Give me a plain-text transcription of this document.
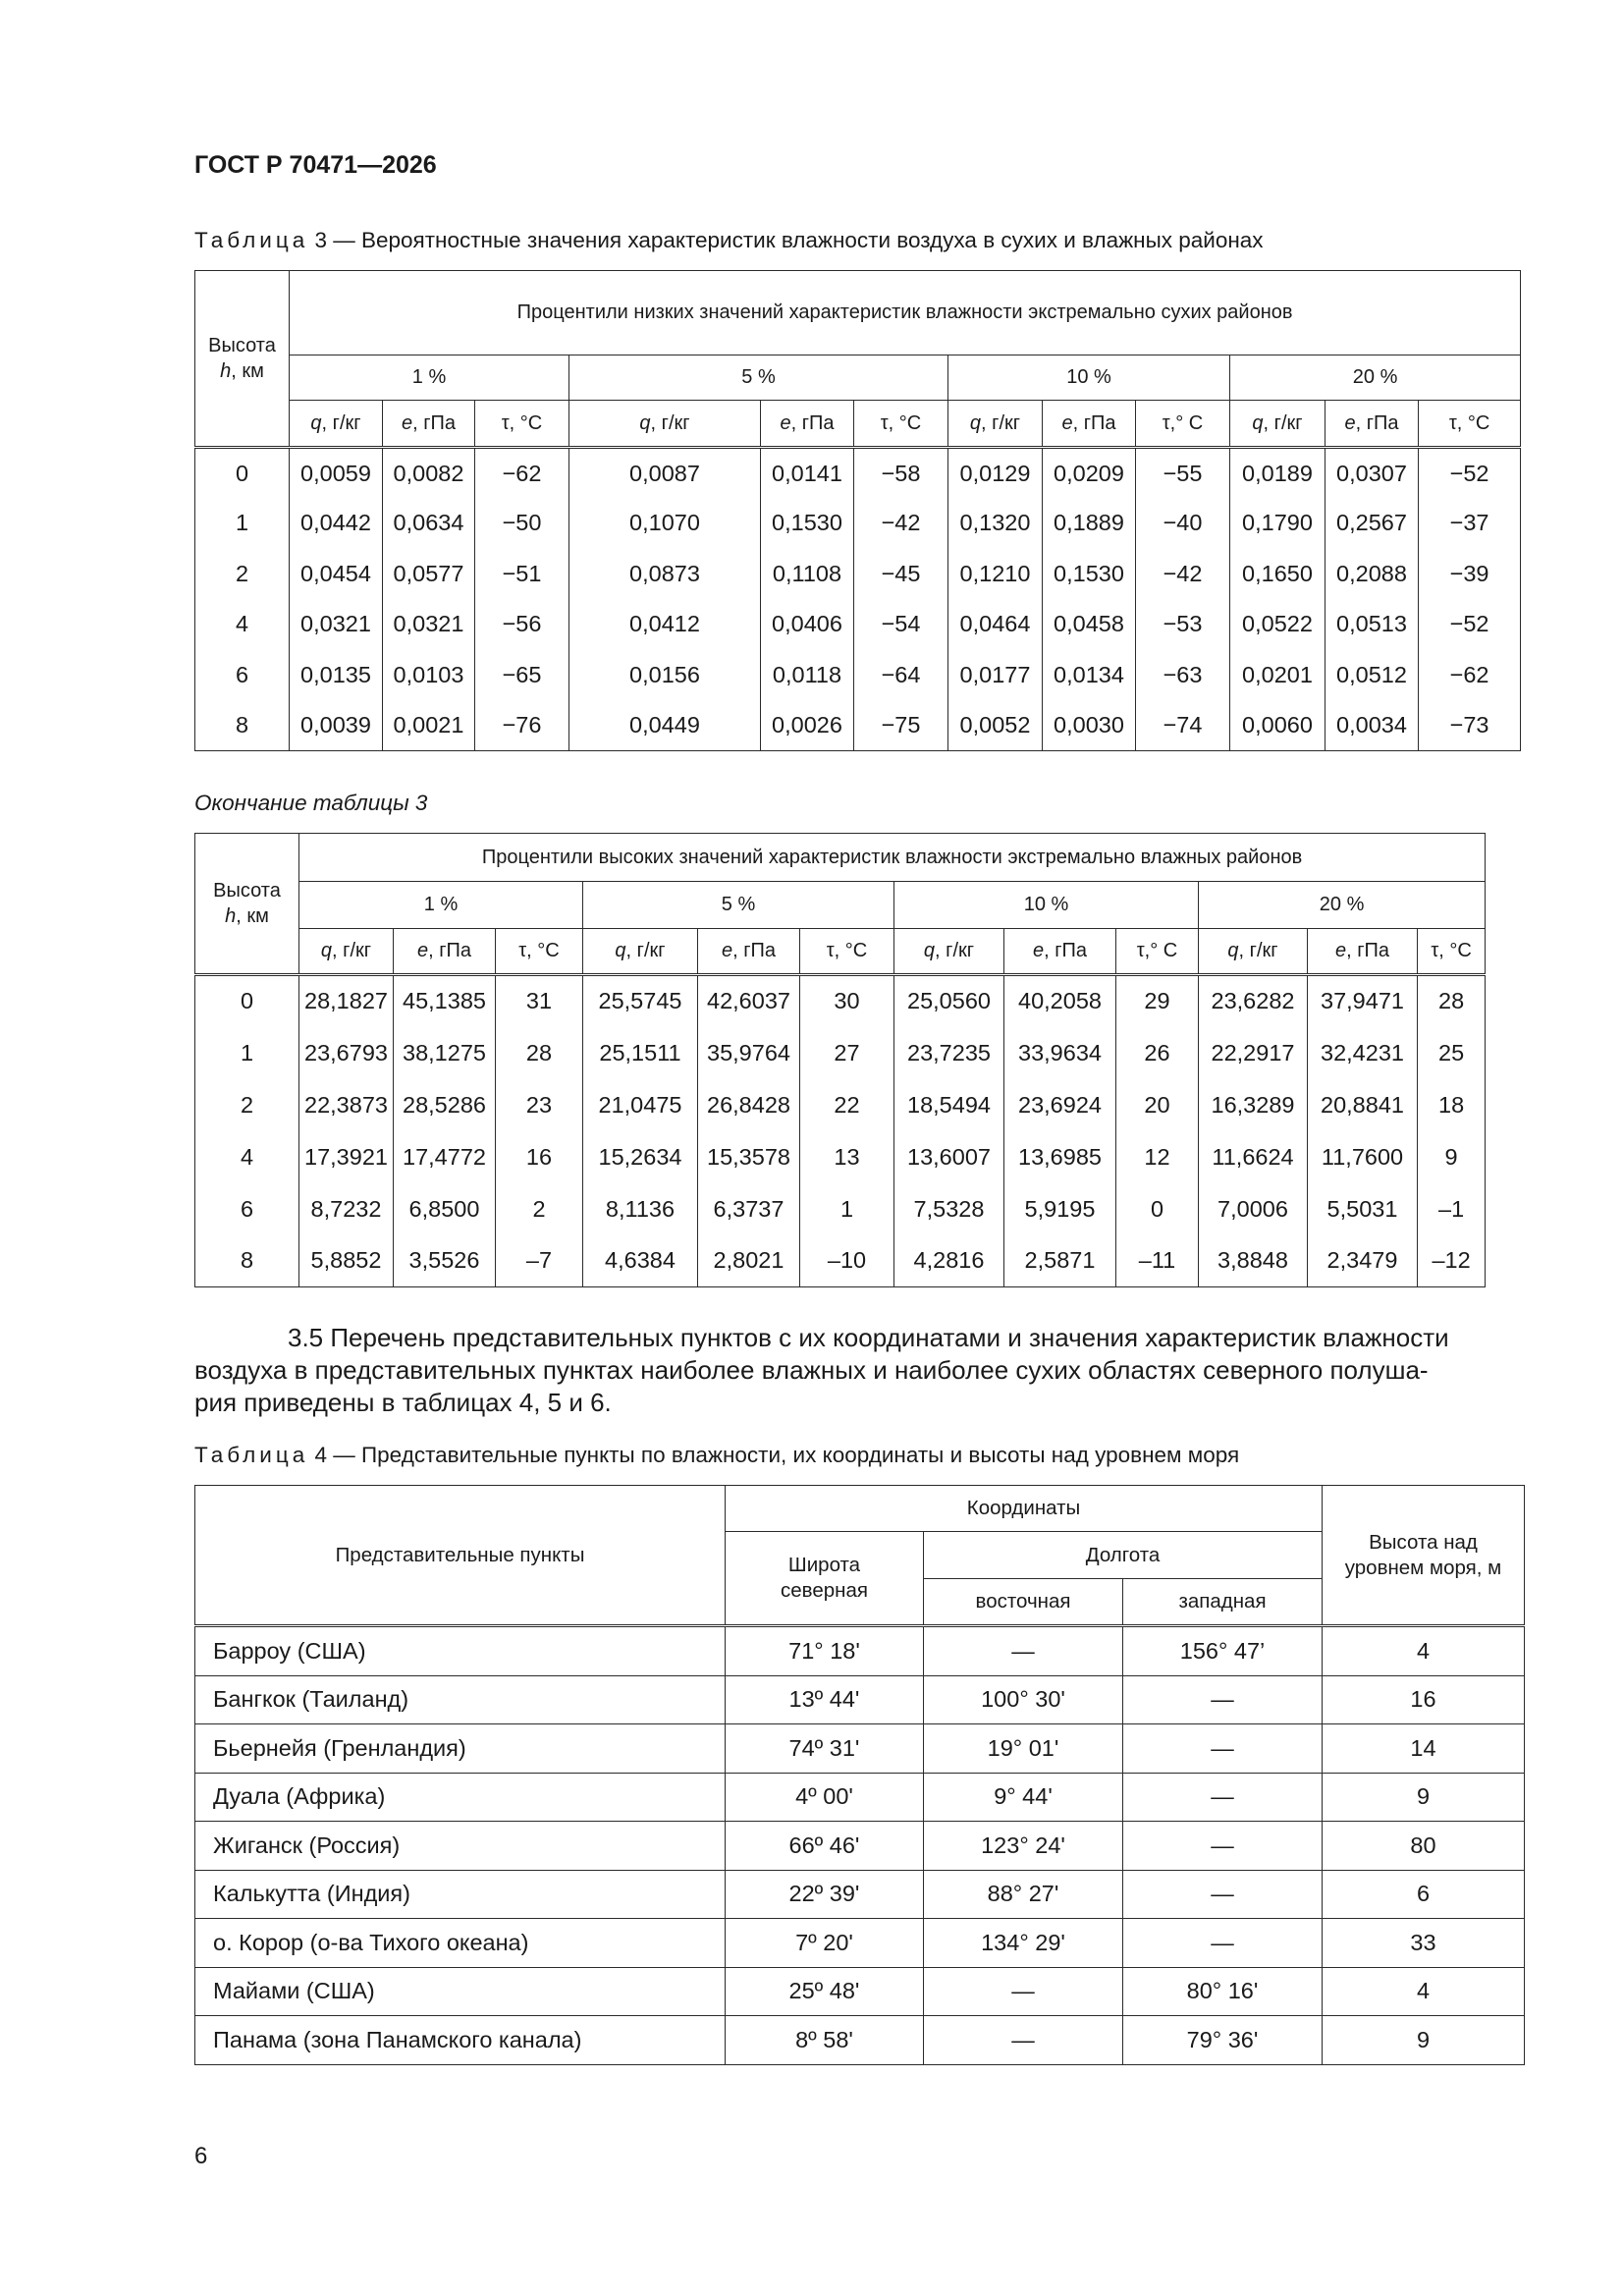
ГОСТ Р 70471—2026
Таблица 3 — Вероятностные значения характеристик влажности воздуха в сухих и влажных районах
Высота
h, км	Процентили низких значений характеристик влажности экстремально сухих районов											
	1 %			5 %			10 %			20 %		
	q, г/кг	e, гПа	τ, °C	q, г/кг	e, гПа	τ, °C	q, г/кг	e, гПа	τ,° С	q, г/кг	e, гПа	τ, °С
0	0,0059	0,0082	−62	0,0087	0,0141	−58	0,0129	0,0209	−55	0,0189	0,0307	−52
1	0,0442	0,0634	−50	0,1070	0,1530	−42	0,1320	0,1889	−40	0,1790	0,2567	−37
2	0,0454	0,0577	−51	0,0873	0,1108	−45	0,1210	0,1530	−42	0,1650	0,2088	−39
4	0,0321	0,0321	−56	0,0412	0,0406	−54	0,0464	0,0458	−53	0,0522	0,0513	−52
6	0,0135	0,0103	−65	0,0156	0,0118	−64	0,0177	0,0134	−63	0,0201	0,0512	−62
8	0,0039	0,0021	−76	0,0449	0,0026	−75	0,0052	0,0030	−74	0,0060	0,0034	−73
Окончание таблицы 3
Высота
h, км	Процентили высоких значений характеристик влажности экстремально влажных районов											
	1 %			5 %			10 %			20 %		
	q, г/кг	e, гПа	τ, °С	q, г/кг	e, гПа	τ, °С	q, г/кг	e, гПа	τ,° С	q, г/кг	e, гПа	τ, °С
0	28,1827	45,1385	31	25,5745	42,6037	30	25,0560	40,2058	29	23,6282	37,9471	28
1	23,6793	38,1275	28	25,1511	35,9764	27	23,7235	33,9634	26	22,2917	32,4231	25
2	22,3873	28,5286	23	21,0475	26,8428	22	18,5494	23,6924	20	16,3289	20,8841	18
4	17,3921	17,4772	16	15,2634	15,3578	13	13,6007	13,6985	12	11,6624	11,7600	9
6	8,7232	6,8500	2	8,1136	6,3737	1	7,5328	5,9195	0	7,0006	5,5031	–1
8	5,8852	3,5526	–7	4,6384	2,8021	–10	4,2816	2,5871	–11	3,8848	2,3479	–12
3.5 Перечень представительных пунктов с их координатами и значения характеристик влажности
воздуха в представительных пунктах наиболее влажных и наиболее сухих областях северного полуша-
рия приведены в таблицах 4, 5 и 6.
Таблица 4 — Представительные пункты по влажности, их координаты и высоты над уровнем моря
Представительные пункты	Координаты			Высота над уровнем моря, м
	Широта северная	Долгота		
		восточная	западная	
Барроу (США)	71° 18'	—	156° 47’	4
Бангкок (Таиланд)	13º 44'	100° 30'	—	16
Бьернейя (Гренландия)	74º 31'	19° 01'	—	14
Дуала (Африка)	4º 00'	9° 44'	—	9
Жиганск (Россия)	66º 46'	123° 24'	—	80
Калькутта (Индия)	22º 39'	88° 27'	—	6
о. Корор (о-ва Тихого океана)	7º 20'	134° 29'	—	33
Майами (США)	25º 48'	—	80° 16'	4
Панама (зона Панамского канала)	8º 58'	—	79° 36'	9
6
